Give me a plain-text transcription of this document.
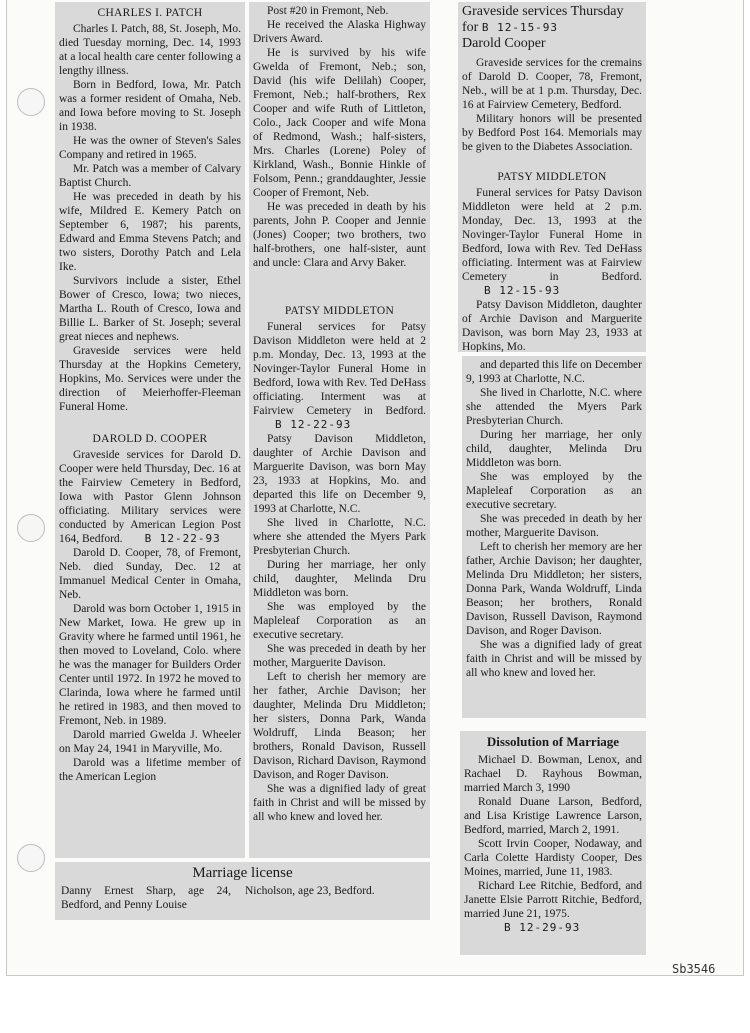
CHARLES I. PATCH

Charles I. Patch, 88, St. Joseph, Mo. died Tuesday morning, Dec. 14, 1993 at a local health care center following a lengthy illness.

Born in Bedford, Iowa, Mr. Patch was a former resident of Omaha, Neb. and Iowa before moving to St. Joseph in 1938.

He was the owner of Steven's Sales Company and retired in 1965.

Mr. Patch was a member of Calvary Baptist Church.

He was preceded in death by his wife, Mildred E. Kemery Patch on September 6, 1987; his parents, Edward and Emma Stevens Patch; and two sisters, Dorothy Patch and Lela Ike.

Survivors include a sister, Ethel Bower of Cresco, Iowa; two nieces, Martha L. Routh of Cresco, Iowa and Billie L. Barker of St. Joseph; several great nieces and nephews.

Graveside services were held Thursday at the Hopkins Cemetery, Hopkins, Mo. Services were under the direction of Meierhoffer-Fleeman Funeral Home.

DAROLD D. COOPER

Graveside services for Darold D. Cooper were held Thursday, Dec. 16 at the Fairview Cemetery in Bedford, Iowa with Pastor Glenn Johnson officiating. Military services were conducted by American Legion Post 164, Bedford. B 12-22-93

Darold D. Cooper, 78, of Fremont, Neb. died Sunday, Dec. 12 at Immanuel Medical Center in Omaha, Neb.

Darold was born October 1, 1915 in New Market, Iowa. He grew up in Gravity where he farmed until 1961, he then moved to Loveland, Colo. where he was the manager for Builders Order Center until 1972. In 1972 he moved to Clarinda, Iowa where he farmed until he retired in 1983, and then moved to Fremont, Neb. in 1989.

Darold married Gwelda J. Wheeler on May 24, 1941 in Maryville, Mo.

Darold was a lifetime member of the American Legion

Post #20 in Fremont, Neb.

He received the Alaska Highway Drivers Award.

He is survived by his wife Gwelda of Fremont, Neb.; son, David (his wife Delilah) Cooper, Fremont, Neb.; half-brothers, Rex Cooper and wife Ruth of Littleton, Colo., Jack Cooper and wife Mona of Redmond, Wash.; half-sisters, Mrs. Charles (Lorene) Poley of Kirkland, Wash., Bonnie Hinkle of Folsom, Penn.; granddaughter, Jessie Cooper of Fremont, Neb.

He was preceded in death by his parents, John P. Cooper and Jennie (Jones) Cooper; two brothers, two half-brothers, one half-sister, aunt and uncle: Clara and Arvy Baker.

PATSY MIDDLETON

Funeral services for Patsy Davison Middleton were held at 2 p.m. Monday, Dec. 13, 1993 at the Novinger-Taylor Funeral Home in Bedford, Iowa with Rev. Ted DeHass officiating. Interment was at Fairview Cemetery in Bedford.B 12-22-93

Patsy Davison Middleton, daughter of Archie Davison and Marguerite Davison, was born May 23, 1933 at Hopkins, Mo. and departed this life on December 9, 1993 at Charlotte, N.C.

She lived in Charlotte, N.C. where she attended the Myers Park Presbyterian Church.

During her marriage, her only child, daughter, Melinda Dru Middleton was born.

She was employed by the Mapleleaf Corporation as an executive secretary.

She was preceded in death by her mother, Marguerite Davison.

Left to cherish her memory are her father, Archie Davison; her daughter, Melinda Dru Middleton; her sisters, Donna Park, Wanda Woldruff, Linda Beason; her brothers, Ronald Davison, Russell Davison, Richard Davison, Raymond Davison, and Roger Davison.

She was a dignified lady of great faith in Christ and will be missed by all who knew and loved her.

Marriage license
Danny Ernest Sharp, age 24, Bedford, and Penny Louise
Nicholson, age 23, Bedford.
Graveside services Thursday for B 12-15-93
Darold Cooper

Graveside services for the cremains of Darold D. Cooper, 78, Fremont, Neb., will be at 1 p.m. Thursday, Dec. 16 at Fairview Cemetery, Bedford.

Military honors will be presented by Bedford Post 164. Memorials may be given to the Diabetes Association.

PATSY MIDDLETON

Funeral services for Patsy Davison Middleton were held at 2 p.m. Monday, Dec. 13, 1993 at the Novinger-Taylor Funeral Home in Bedford, Iowa with Rev. Ted DeHass officiating. Interment was at Fairview Cemetery in Bedford.B 12-15-93

Patsy Davison Middleton, daughter of Archie Davison and Marguerite Davison, was born May 23, 1933 at Hopkins, Mo.

and departed this life on December 9, 1993 at Charlotte, N.C.

She lived in Charlotte, N.C. where she attended the Myers Park Presbyterian Church.

During her marriage, her only child, daughter, Melinda Dru Middleton was born.

She was employed by the Mapleleaf Corporation as an executive secretary.

She was preceded in death by her mother, Marguerite Davison.

Left to cherish her memory are her father, Archie Davison; her daughter, Melinda Dru Middleton; her sisters, Donna Park, Wanda Woldruff, Linda Beason; her brothers, Ronald Davison, Russell Davison, Raymond Davison, and Roger Davison.

She was a dignified lady of great faith in Christ and will be missed by all who knew and loved her.

Dissolution of Marriage

Michael D. Bowman, Lenox, and Rachael D. Rayhous Bowman, married March 3, 1990

Ronald Duane Larson, Bedford, and Lisa Kristige Lawrence Larson, Bedford, married, March 2, 1991.

Scott Irvin Cooper, Nodaway, and Carla Colette Hardisty Cooper, Des Moines, married, June 11, 1983.

Richard Lee Ritchie, Bedford, and Janette Elsie Parrott Ritchie, Bedford, married June 21, 1975.

B 12-29-93
Sb3546
